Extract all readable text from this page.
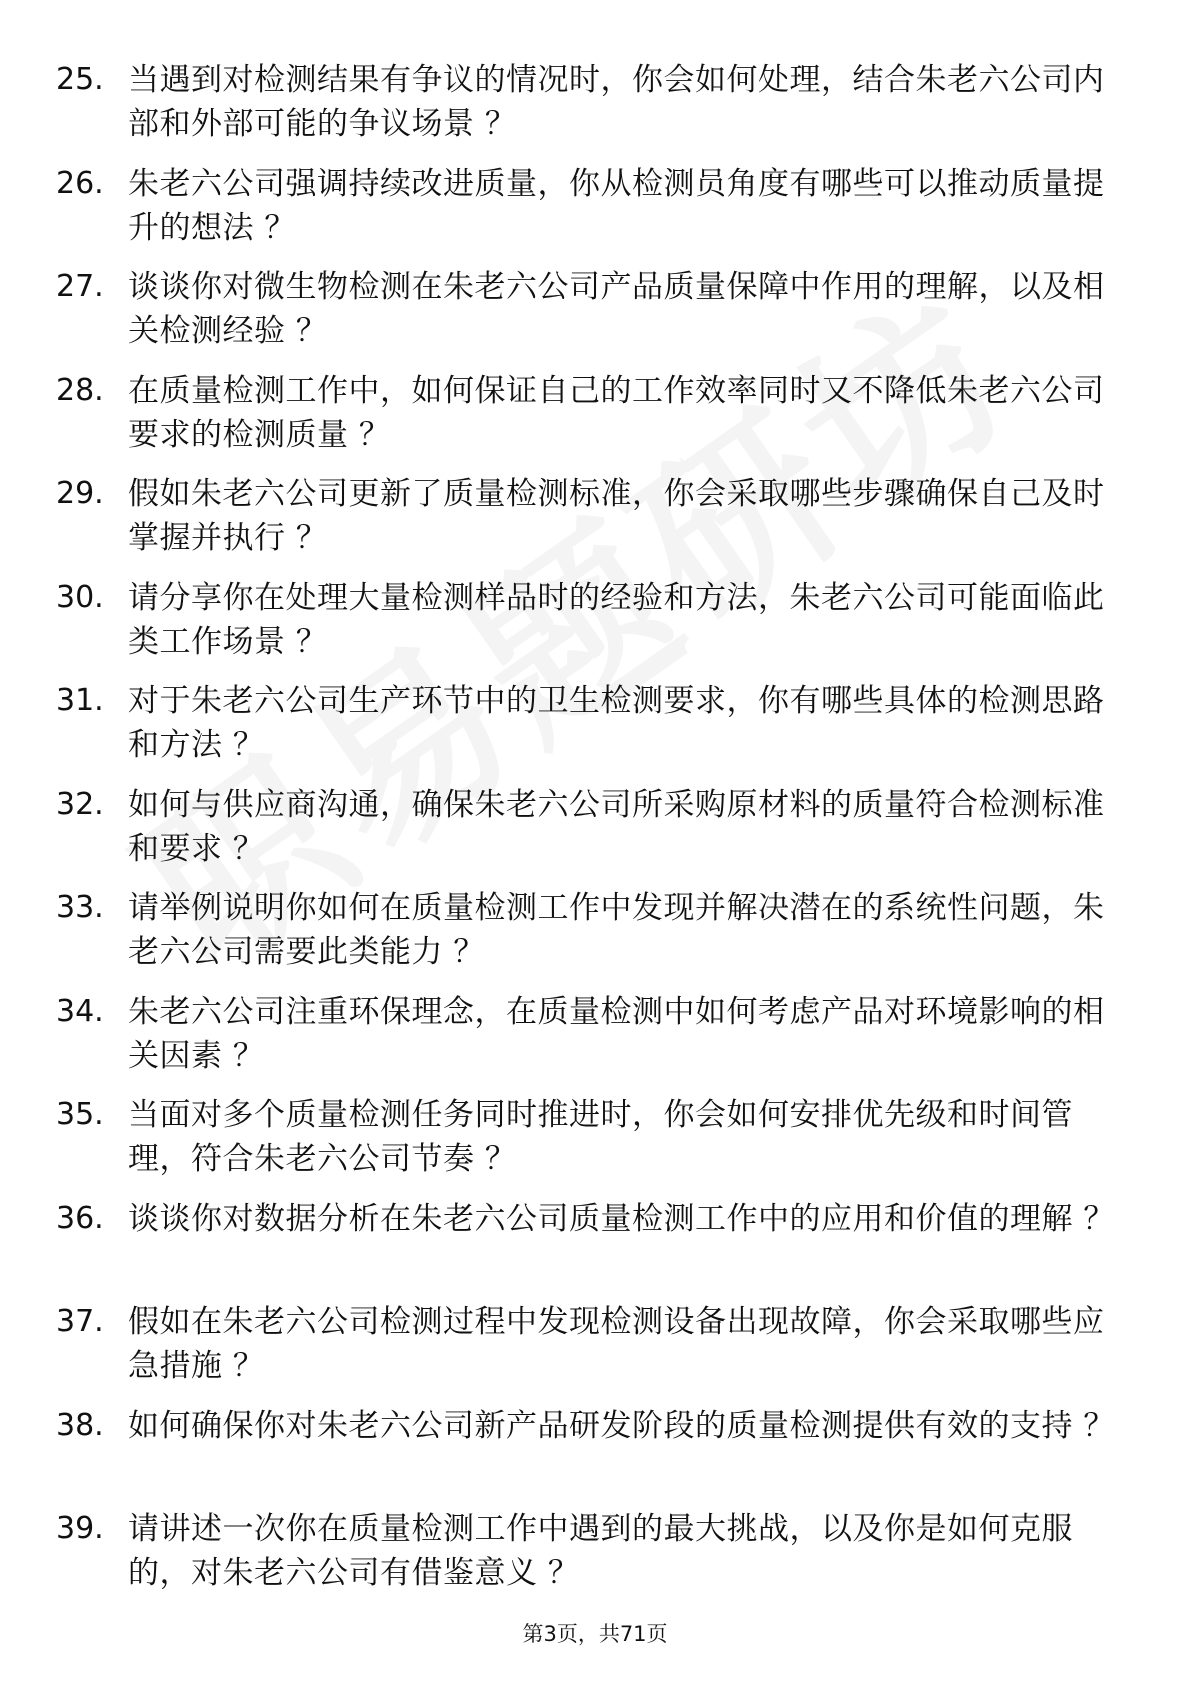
25. 当遇到对检测结果有争议的情况时，你会如何处理，结合朱老六公司内部和外部可能的争议场景 ？
26. 朱老六公司强调持续改进质量，你从检测员角度有哪些可以推动质量提升的想法 ？
27. 谈谈你对微生物检测在朱老六公司产品质量保障中作用的理解，以及相关检测经验 ？
28. 在质量检测工作中，如何保证自己的工作效率同时又不降低朱老六公司要求的检测质量 ？
29. 假如朱老六公司更新了质量检测标准，你会采取哪些步骤确保自己及时掌握并执行 ？
30. 请分享你在处理大量检测样品时的经验和方法，朱老六公司可能面临此类工作场景 ？
31. 对于朱老六公司生产环节中的卫生检测要求，你有哪些具体的检测思路和方法 ？
32. 如何与供应商沟通，确保朱老六公司所采购原材料的质量符合检测标准和要求 ？
33. 请举例说明你如何在质量检测工作中发现并解决潜在的系统性问题，朱老六公司需要此类能力 ？
34. 朱老六公司注重环保理念，在质量检测中如何考虑产品对环境影响的相关因素 ？
35. 当面对多个质量检测任务同时推进时，你会如何安排优先级和时间管理，符合朱老六公司节奏 ？
36. 谈谈你对数据分析在朱老六公司质量检测工作中的应用和价值的理解 ？
37. 假如在朱老六公司检测过程中发现检测设备出现故障，你会采取哪些应急措施 ？
38. 如何确保你对朱老六公司新产品研发阶段的质量检测提供有效的支持 ？
39. 请讲述一次你在质量检测工作中遇到的最大挑战，以及你是如何克服的，对朱老六公司有借鉴意义 ？
第3页，共71页
